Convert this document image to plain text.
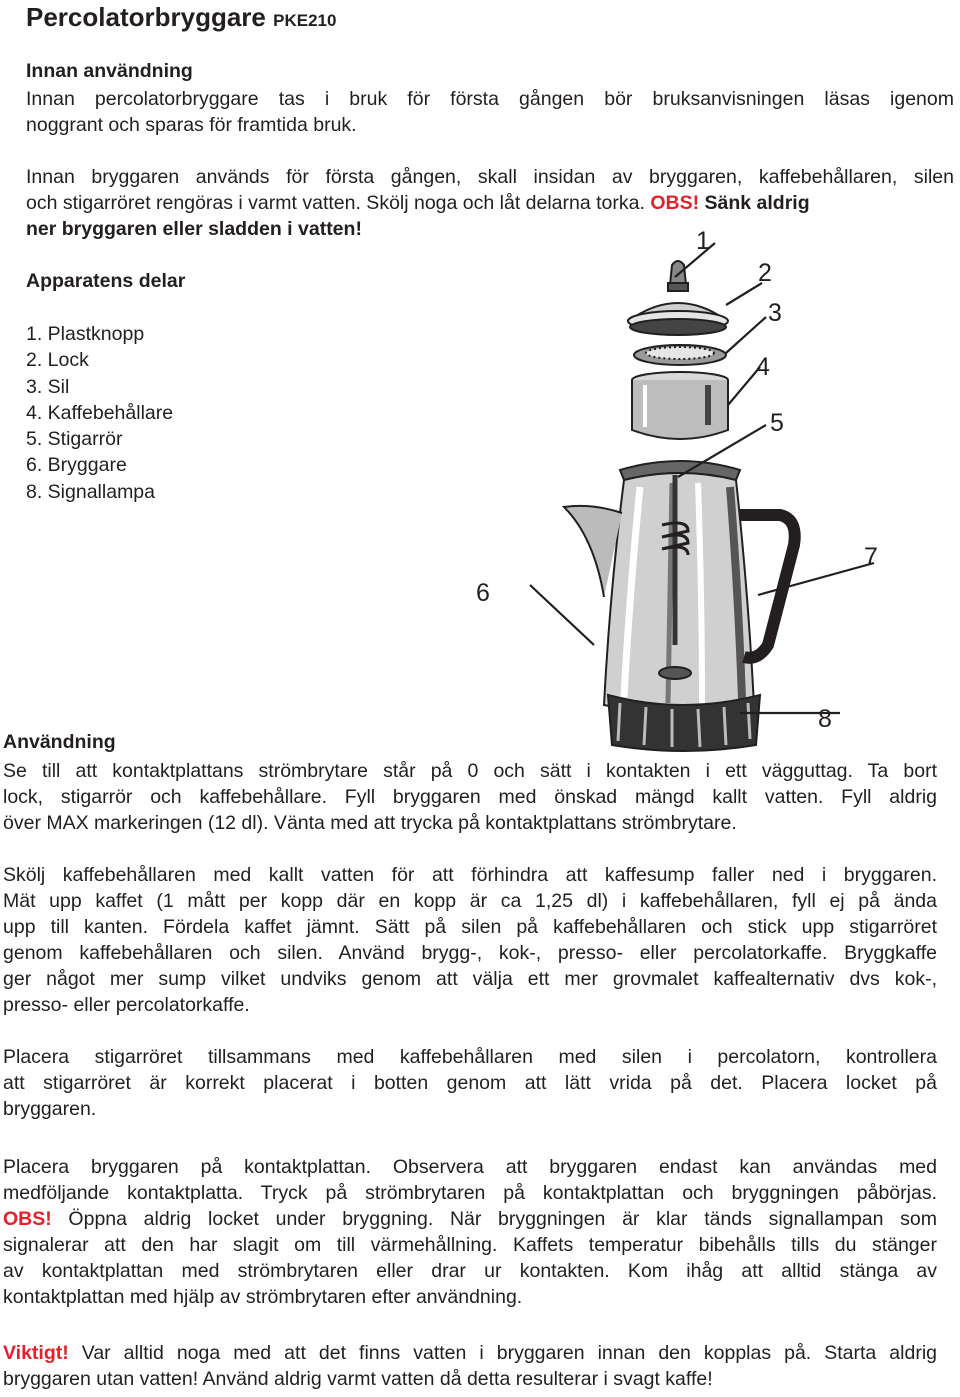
Percolatorbryggare PKE210
Innan användning
Innan percolatorbryggare tas i bruk för första gången bör bruksanvisningen läsas igenom
noggrant och sparas för framtida bruk.
Innan bryggaren används för första gången, skall insidan av bryggaren, kaffebehållaren, silen
och stigarröret rengöras i varmt vatten. Skölj noga och låt delarna torka. OBS! Sänk aldrig
ner bryggaren eller sladden i vatten!
Apparatens delar
1. Plastknopp
2. Lock
3. Sil
4. Kaffebehållare
5. Stigarrör
6. Bryggare
8. Signallampa
1
2
3
4
5
6
7
8
Användning
Se till att kontaktplattans strömbrytare står på 0 och sätt i kontakten i ett vägguttag. Ta bort
lock, stigarrör och kaffebehållare. Fyll bryggaren med önskad mängd kallt vatten. Fyll aldrig
över MAX markeringen (12 dl). Vänta med att trycka på kontaktplattans strömbrytare.
Skölj kaffebehållaren med kallt vatten för att förhindra att kaffesump faller ned i bryggaren.
Mät upp kaffet (1 mått per kopp där en kopp är ca 1,25 dl) i kaffebehållaren, fyll ej på ända
upp till kanten. Fördela kaffet jämnt. Sätt på silen på kaffebehållaren och stick upp stigarröret
genom kaffebehållaren och silen. Använd brygg-, kok-, presso- eller percolatorkaffe. Bryggkaffe
ger något mer sump vilket undviks genom att välja ett mer grovmalet kaffealternativ dvs kok-,
presso- eller percolatorkaffe.
Placera stigarröret tillsammans med kaffebehållaren med silen i percolatorn, kontrollera
att stigarröret är korrekt placerat i botten genom att lätt vrida på det. Placera locket på
bryggaren.
Placera bryggaren på kontaktplattan. Observera att bryggaren endast kan användas med
medföljande kontaktplatta. Tryck på strömbrytaren på kontaktplattan och bryggningen påbörjas.
OBS! Öppna aldrig locket under bryggning. När bryggningen är klar tänds signallampan som
signalerar att den har slagit om till värmehållning. Kaffets temperatur bibehålls tills du stänger
av kontaktplattan med strömbrytaren eller drar ur kontakten. Kom ihåg att alltid stänga av
kontaktplattan med hjälp av strömbrytaren efter användning.
Viktigt! Var alltid noga med att det finns vatten i bryggaren innan den kopplas på. Starta aldrig
bryggaren utan vatten! Använd aldrig varmt vatten då detta resulterar i svagt kaffe!
